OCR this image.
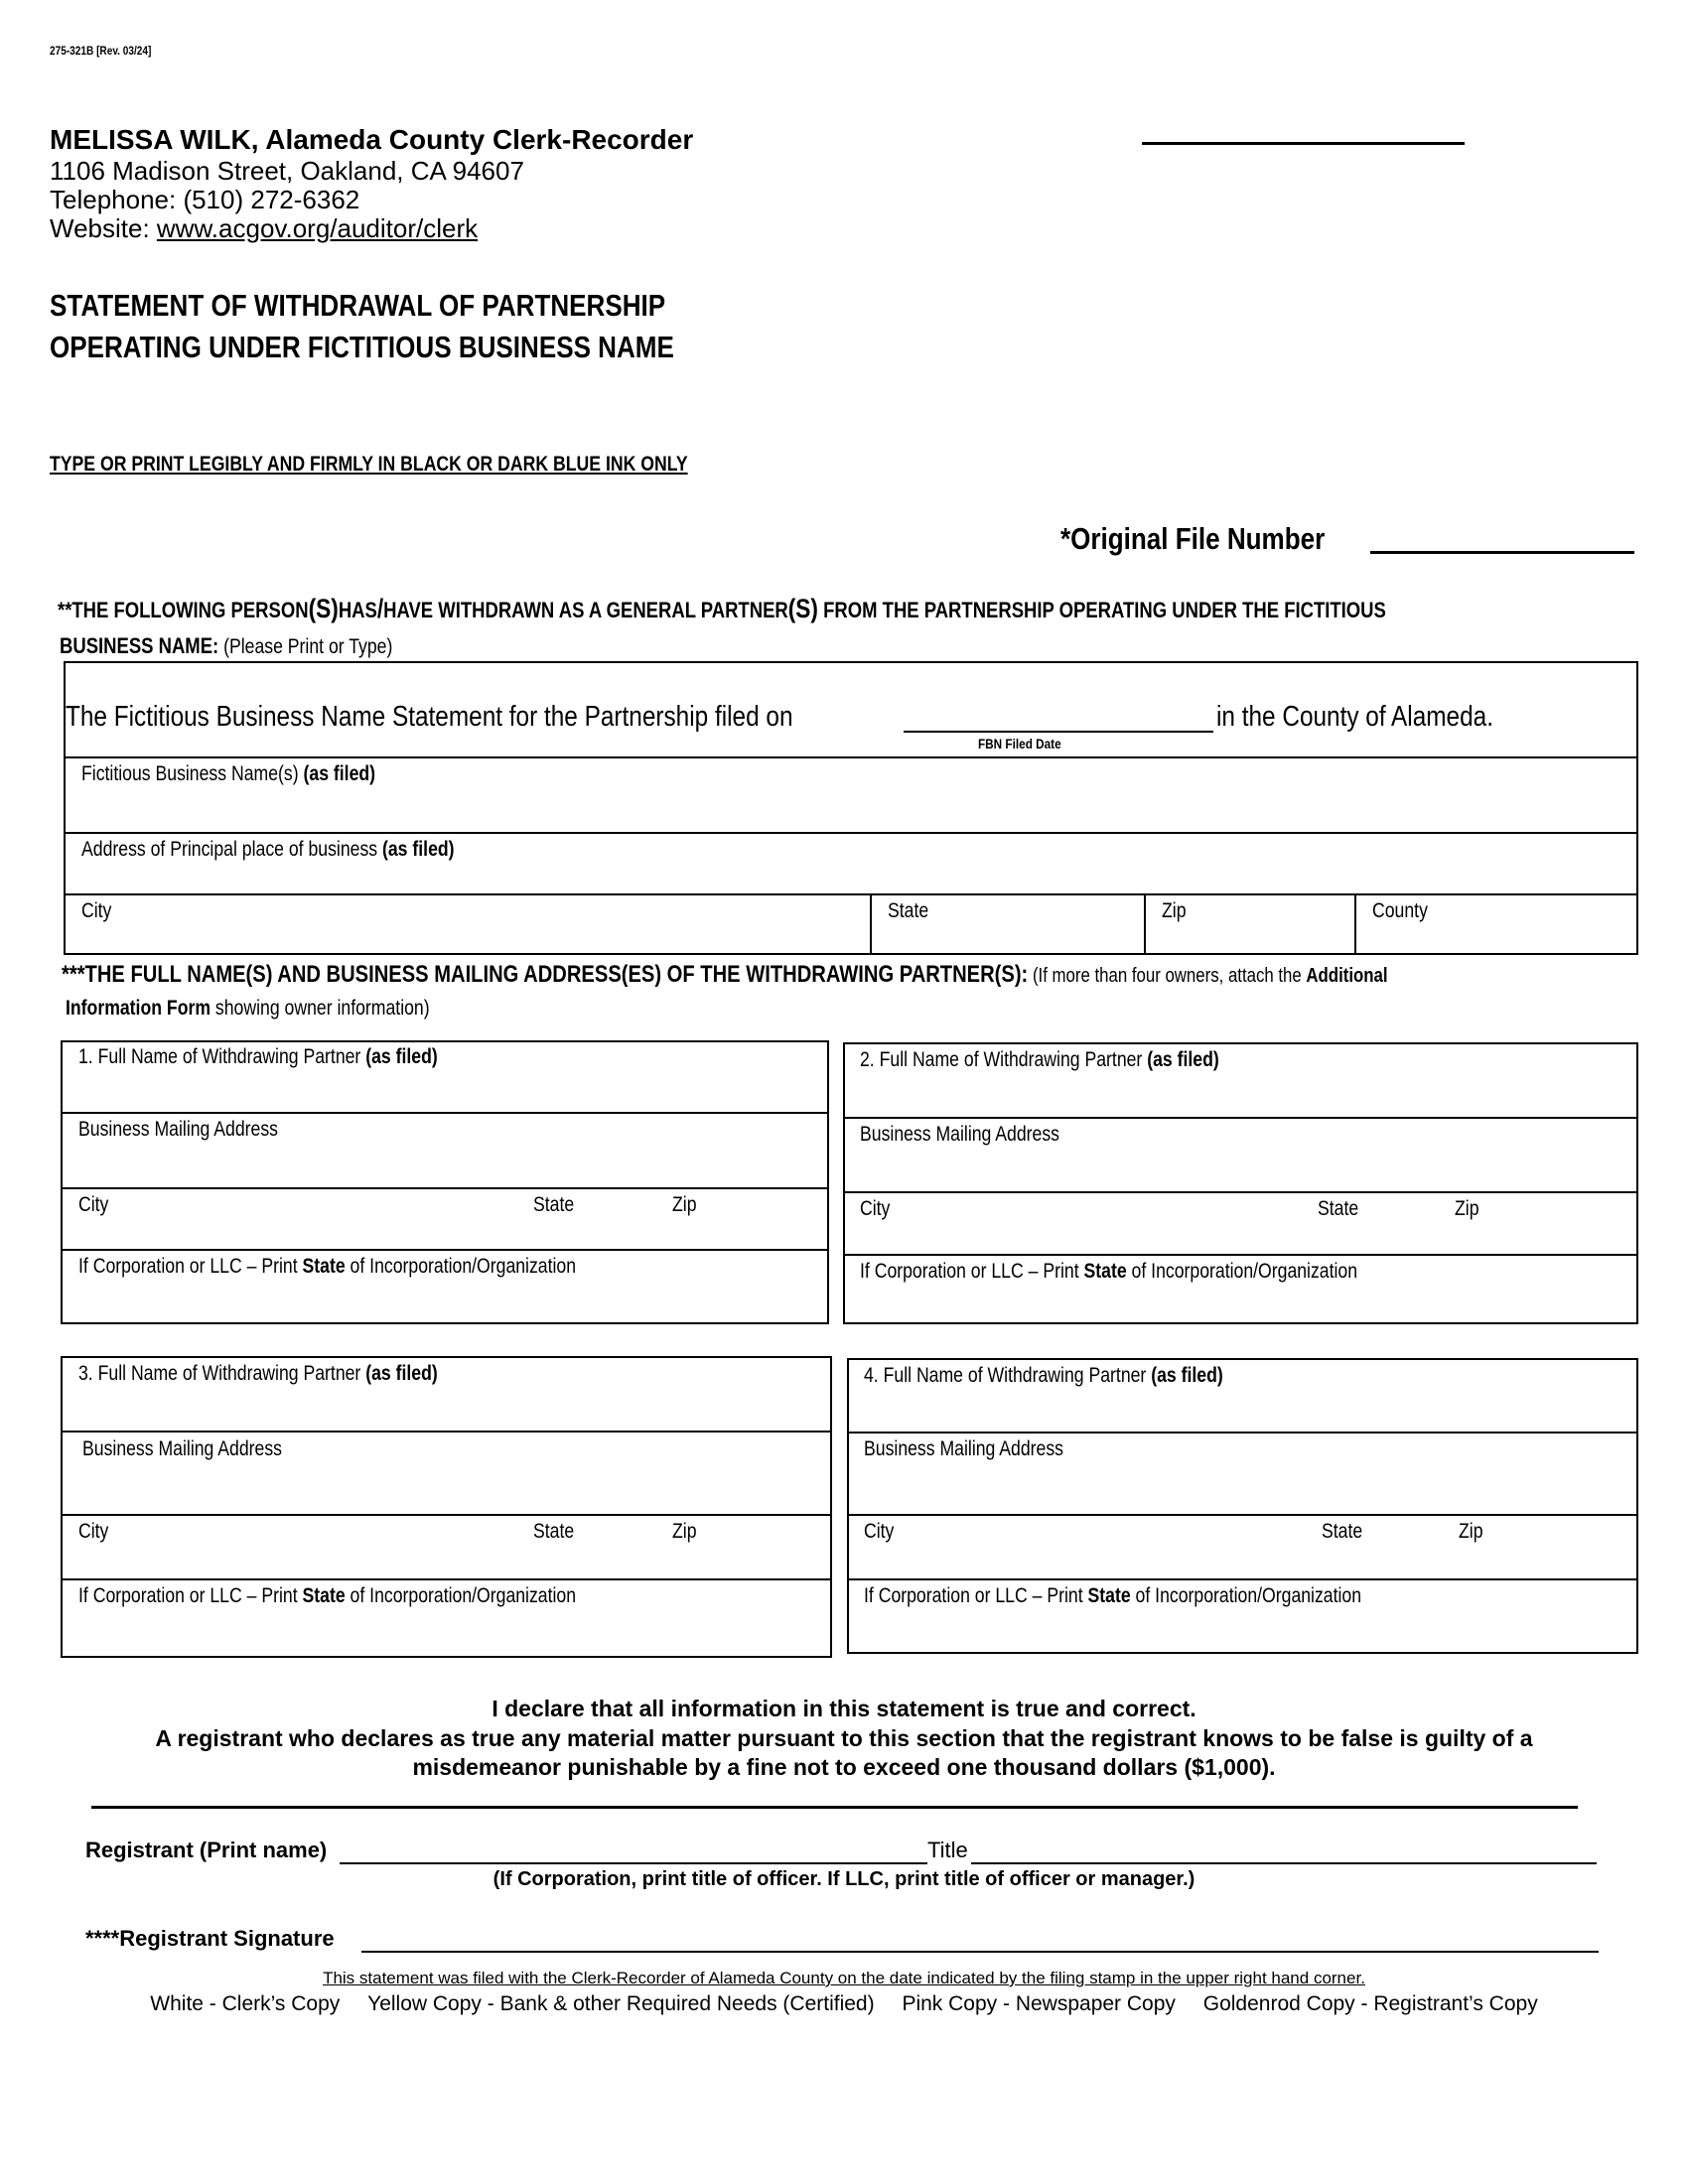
275-321B [Rev. 03/24]
MELISSA WILK, Alameda County Clerk-Recorder
1106 Madison Street, Oakland, CA 94607
Telephone: (510) 272-6362
Website: www.acgov.org/auditor/clerk
STATEMENT OF WITHDRAWAL OF PARTNERSHIP
OPERATING UNDER FICTITIOUS BUSINESS NAME
TYPE OR PRINT LEGIBLY AND FIRMLY IN BLACK OR DARK BLUE INK ONLY
*Original File Number
**THE FOLLOWING PERSON(S)HAS/HAVE WITHDRAWN AS A GENERAL PARTNER(S) FROM THE PARTNERSHIP OPERATING UNDER THE FICTITIOUS
BUSINESS NAME: (Please Print or Type)
The Fictitious Business Name Statement for the Partnership filed on
FBN Filed Date
in the County of Alameda.
Fictitious Business Name(s) (as filed)
Address of Principal place of business (as filed)
City	State	Zip	County
***THE FULL NAME(S) AND BUSINESS MAILING ADDRESS(ES) OF THE WITHDRAWING PARTNER(S): (If more than four owners, attach the Additional
Information Form showing owner information)
1. Full Name of Withdrawing Partner (as filed)
Business Mailing Address
City	State	Zip
If Corporation or LLC – Print State of Incorporation/Organization
2. Full Name of Withdrawing Partner (as filed)
Business Mailing Address
City	State	Zip
If Corporation or LLC – Print State of Incorporation/Organization
3. Full Name of Withdrawing Partner (as filed)
Business Mailing Address
City	State	Zip
If Corporation or LLC – Print State of Incorporation/Organization
4. Full Name of Withdrawing Partner (as filed)
Business Mailing Address
City	State	Zip
If Corporation or LLC – Print State of Incorporation/Organization
I declare that all information in this statement is true and correct.
A registrant who declares as true any material matter pursuant to this section that the registrant knows to be false is guilty of a
misdemeanor punishable by a fine not to exceed one thousand dollars ($1,000).
Registrant (Print name)	Title
(If Corporation, print title of officer. If LLC, print title of officer or manager.)
****Registrant Signature
This statement was filed with the Clerk-Recorder of Alameda County on the date indicated by the filing stamp in the upper right hand corner.
White - Clerk’s Copy Yellow Copy - Bank & other Required Needs (Certified) Pink Copy - Newspaper Copy Goldenrod Copy - Registrant’s Copy
